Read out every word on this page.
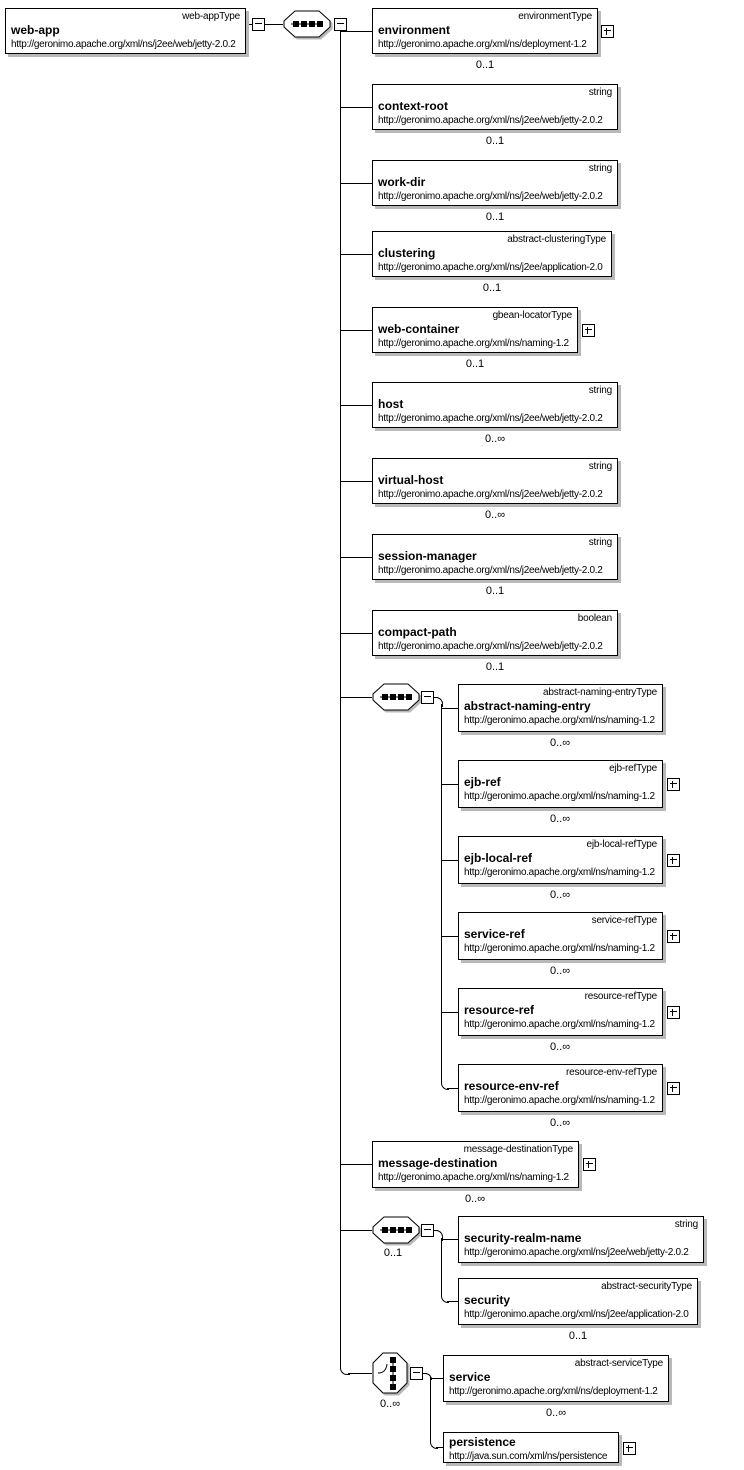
web-appType
web-app
http://geronimo.apache.org/xml/ns/j2ee/web/jetty-2.0.2
environmentType
environment
http://geronimo.apache.org/xml/ns/deployment-1.2
0..1
string
context-root
http://geronimo.apache.org/xml/ns/j2ee/web/jetty-2.0.2
0..1
string
work-dir
http://geronimo.apache.org/xml/ns/j2ee/web/jetty-2.0.2
0..1
abstract-clusteringType
clustering
http://geronimo.apache.org/xml/ns/j2ee/application-2.0
0..1
gbean-locatorType
web-container
http://geronimo.apache.org/xml/ns/naming-1.2
0..1
string
host
http://geronimo.apache.org/xml/ns/j2ee/web/jetty-2.0.2
0..∞
string
virtual-host
http://geronimo.apache.org/xml/ns/j2ee/web/jetty-2.0.2
0..∞
string
session-manager
http://geronimo.apache.org/xml/ns/j2ee/web/jetty-2.0.2
0..1
boolean
compact-path
http://geronimo.apache.org/xml/ns/j2ee/web/jetty-2.0.2
0..1
abstract-naming-entryType
abstract-naming-entry
http://geronimo.apache.org/xml/ns/naming-1.2
0..∞
ejb-refType
ejb-ref
http://geronimo.apache.org/xml/ns/naming-1.2
0..∞
ejb-local-refType
ejb-local-ref
http://geronimo.apache.org/xml/ns/naming-1.2
0..∞
service-refType
service-ref
http://geronimo.apache.org/xml/ns/naming-1.2
0..∞
resource-refType
resource-ref
http://geronimo.apache.org/xml/ns/naming-1.2
0..∞
resource-env-refType
resource-env-ref
http://geronimo.apache.org/xml/ns/naming-1.2
0..∞
message-destinationType
message-destination
http://geronimo.apache.org/xml/ns/naming-1.2
0..∞
0..1
string
security-realm-name
http://geronimo.apache.org/xml/ns/j2ee/web/jetty-2.0.2
abstract-securityType
security
http://geronimo.apache.org/xml/ns/j2ee/application-2.0
0..1
0..∞
abstract-serviceType
service
http://geronimo.apache.org/xml/ns/deployment-1.2
0..∞
persistence
http://java.sun.com/xml/ns/persistence
